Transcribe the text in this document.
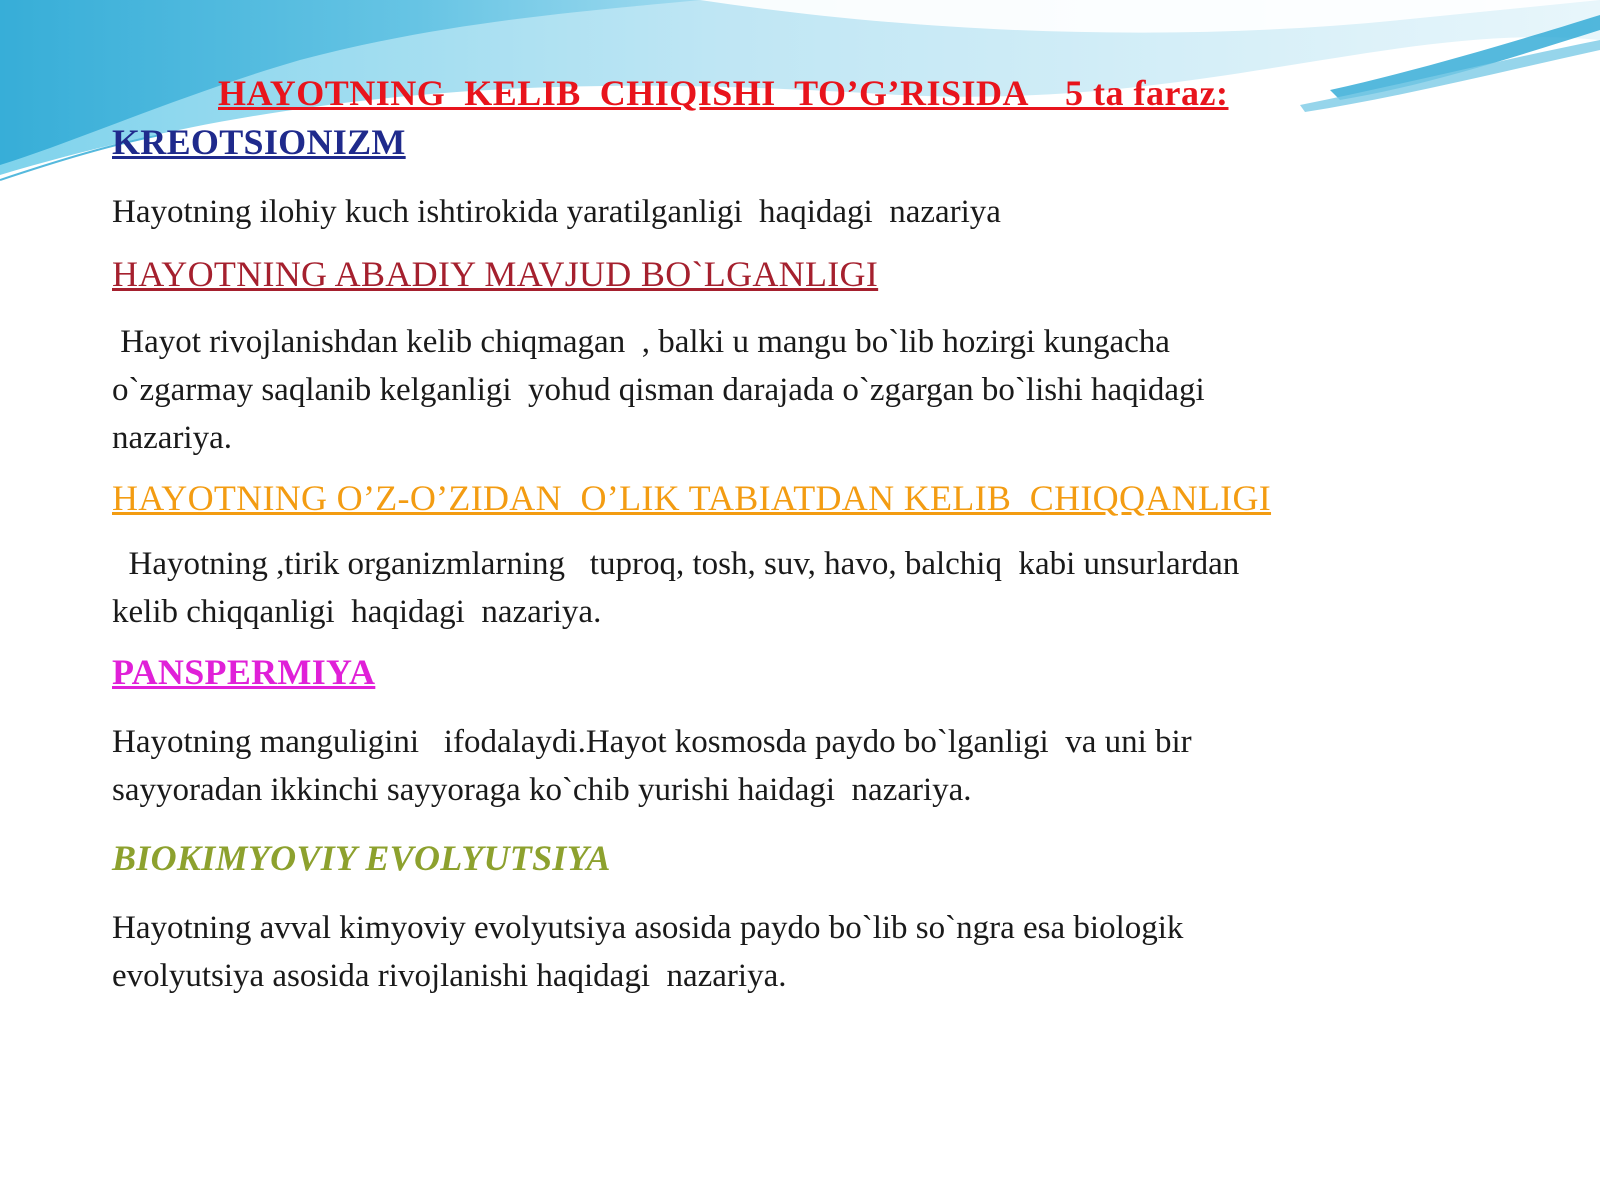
HAYOTNING  KELIB  CHIQISHI  TO’G’RISIDA    5 ta faraz:
KREOTSIONIZM

Hayotning ilohiy kuch ishtirokida yaratilganligi  haqidagi  nazariya

HAYOTNING ABADIY MAVJUD BO`LGANLIGI

Hayot rivojlanishdan kelib chiqmagan  , balki u mangu bo`lib hozirgi kungacha
o`zgarmay saqlanib kelganligi  yohud qisman darajada o`zgargan bo`lishi haqidagi
nazariya.

HAYOTNING O’Z-O’ZIDAN  O’LIK TABIATDAN KELIB  CHIQQANLIGI

Hayotning ,tirik organizmlarning   tuproq, tosh, suv, havo, balchiq  kabi unsurlardan
kelib chiqqanligi  haqidagi  nazariya.

PANSPERMIYA

Hayotning manguligini   ifodalaydi.Hayot kosmosda paydo bo`lganligi  va uni bir
sayyoradan ikkinchi sayyoraga ko`chib yurishi haidagi  nazariya.

BIOKIMYOVIY EVOLYUTSIYA

Hayotning avval kimyoviy evolyutsiya asosida paydo bo`lib so`ngra esa biologik
evolyutsiya asosida rivojlanishi haqidagi  nazariya.
